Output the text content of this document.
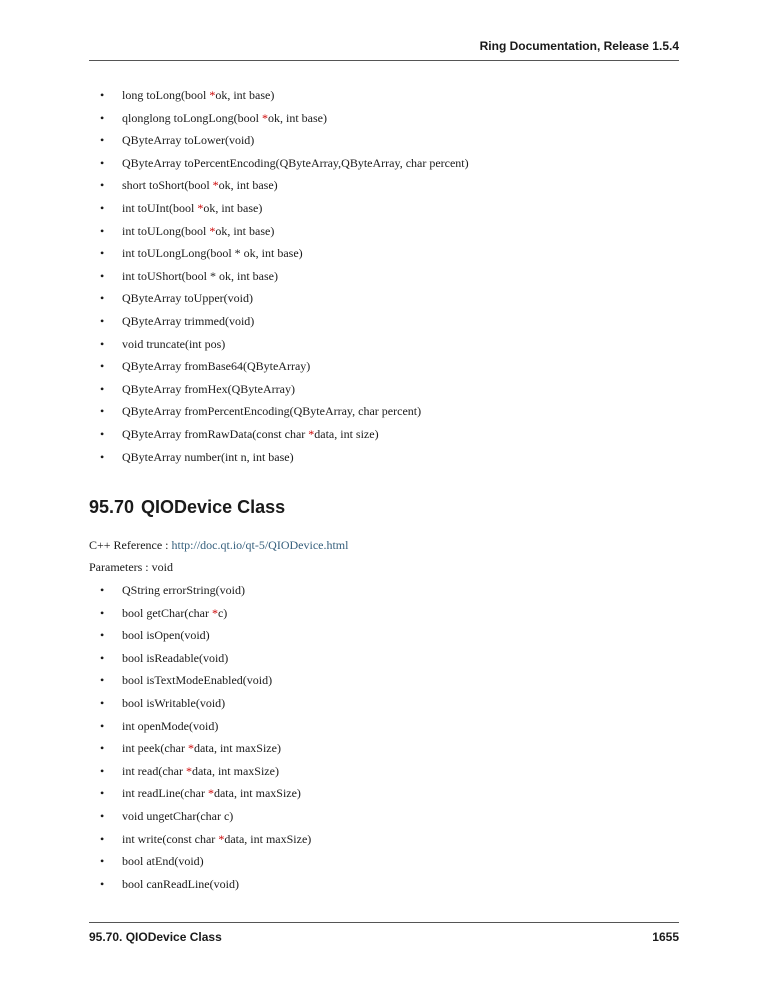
Ring Documentation, Release 1.5.4
• long toLong(bool *ok, int base)
• qlonglong toLongLong(bool *ok, int base)
• QByteArray toLower(void)
• QByteArray toPercentEncoding(QByteArray,QByteArray, char percent)
• short toShort(bool *ok, int base)
• int toUInt(bool *ok, int base)
• int toULong(bool *ok, int base)
• int toULongLong(bool * ok, int base)
• int toUShort(bool * ok, int base)
• QByteArray toUpper(void)
• QByteArray trimmed(void)
• void truncate(int pos)
• QByteArray fromBase64(QByteArray)
• QByteArray fromHex(QByteArray)
• QByteArray fromPercentEncoding(QByteArray, char percent)
• QByteArray fromRawData(const char *data, int size)
• QByteArray number(int n, int base)
95.70 QIODevice Class
C++ Reference : http://doc.qt.io/qt-5/QIODevice.html
Parameters : void
• QString errorString(void)
• bool getChar(char *c)
• bool isOpen(void)
• bool isReadable(void)
• bool isTextModeEnabled(void)
• bool isWritable(void)
• int openMode(void)
• int peek(char *data, int maxSize)
• int read(char *data, int maxSize)
• int readLine(char *data, int maxSize)
• void ungetChar(char c)
• int write(const char *data, int maxSize)
• bool atEnd(void)
• bool canReadLine(void)
95.70. QIODevice Class	1655
